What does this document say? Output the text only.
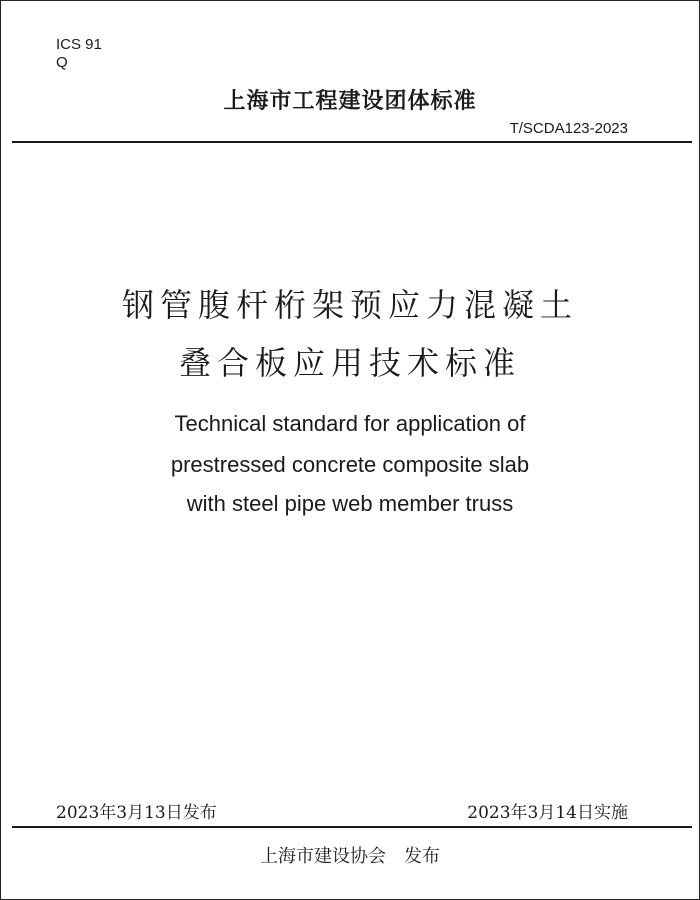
ICS 91
Q
上海市工程建设团体标准
T/SCDA123-2023
钢管腹杆桁架预应力混凝土
叠合板应用技术标准
Technical standard for application of
prestressed concrete composite slab
with steel pipe web member truss
2023年3月13日发布	2023年3月14日实施
上海市建设协会 发布
